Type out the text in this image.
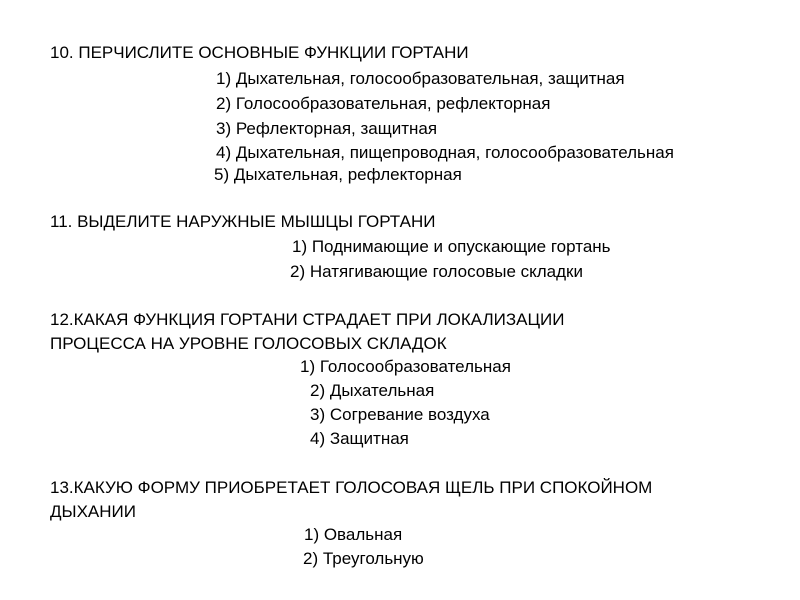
10. ПЕРЧИСЛИТЕ ОСНОВНЫЕ ФУНКЦИИ ГОРТАНИ
1) Дыхательная, голосообразовательная, защитная
2) Голосообразовательная, рефлекторная
3) Рефлекторная, защитная
4) Дыхательная, пищепроводная, голосообразовательная
5) Дыхательная, рефлекторная
11. ВЫДЕЛИТЕ НАРУЖНЫЕ МЫШЦЫ ГОРТАНИ
1) Поднимающие и опускающие гортань
2) Натягивающие голосовые складки
12.КАКАЯ ФУНКЦИЯ ГОРТАНИ СТРАДАЕТ ПРИ ЛОКАЛИЗАЦИИ
ПРОЦЕССА НА УРОВНЕ ГОЛОСОВЫХ СКЛАДОК
1) Голосообразовательная
2) Дыхательная
3) Согревание воздуха
4) Защитная
13.КАКУЮ ФОРМУ ПРИОБРЕТАЕТ ГОЛОСОВАЯ ЩЕЛЬ ПРИ СПОКОЙНОМ
ДЫХАНИИ
1) Овальная
2) Треугольную
